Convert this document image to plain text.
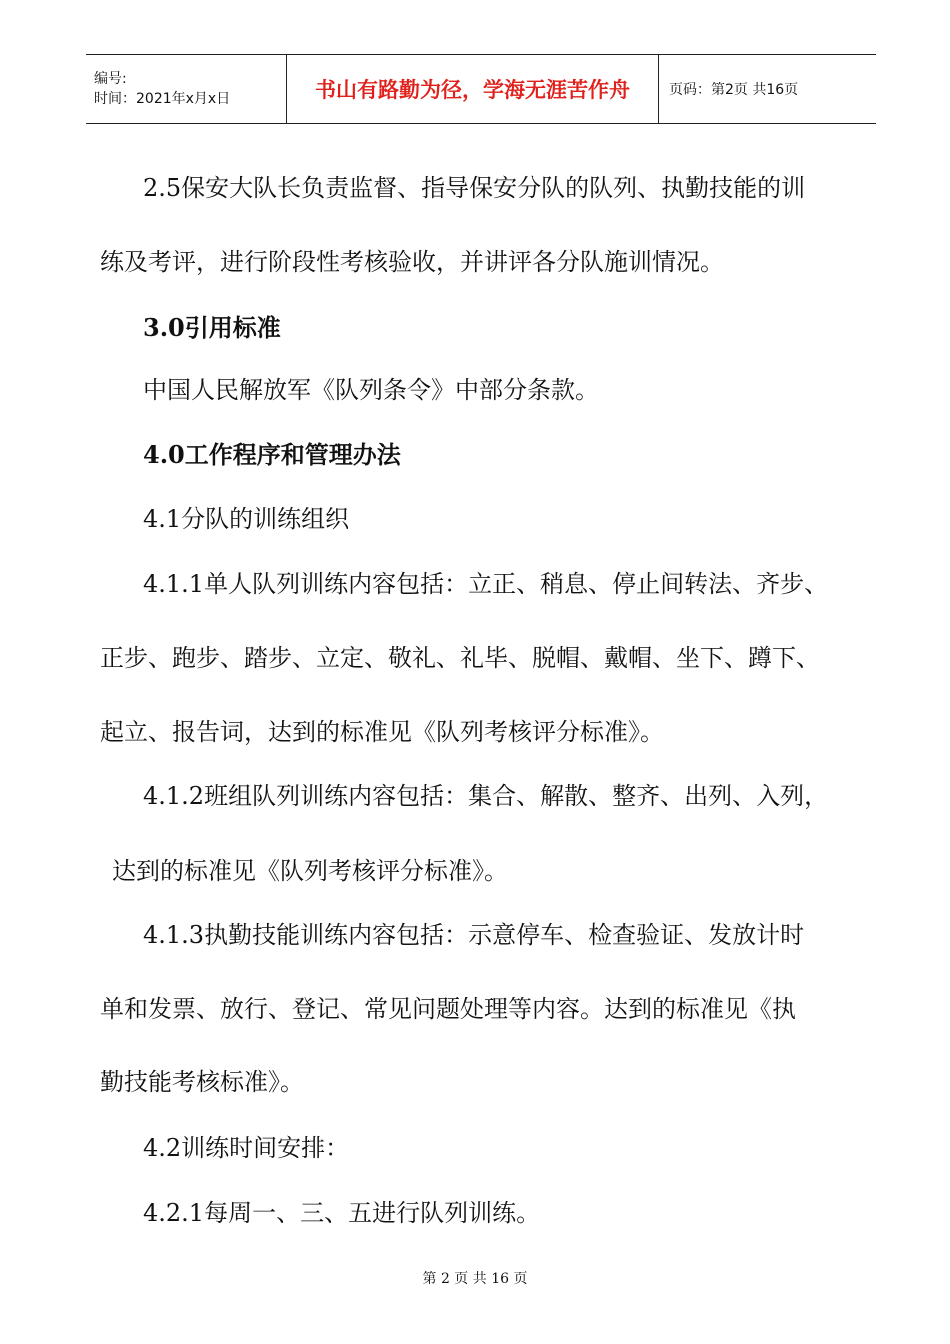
编号:
时间：2021年x月x日	书山有路勤为径，学海无涯苦作舟	页码：第2页 共16页
2.5保安大队长负责监督、指导保安分队的队列、执勤技能的训
练及考评，进行阶段性考核验收，并讲评各分队施训情况。
3.0引用标准
中国人民解放军《队列条令》中部分条款。
4.0工作程序和管理办法
4.1分队的训练组织
4.1.1单人队列训练内容包括：立正、稍息、停止间转法、齐步、
正步、跑步、踏步、立定、敬礼、礼毕、脱帽、戴帽、坐下、蹲下、
起立、报告词，达到的标准见《队列考核评分标准》。
4.1.2班组队列训练内容包括：集合、解散、整齐、出列、入列，
达到的标准见《队列考核评分标准》。
4.1.3执勤技能训练内容包括：示意停车、检查验证、发放计时
单和发票、放行、登记、常见问题处理等内容。达到的标准见《执
勤技能考核标准》。
4.2训练时间安排：
4.2.1每周一、三、五进行队列训练。
第 2 页 共 16 页
